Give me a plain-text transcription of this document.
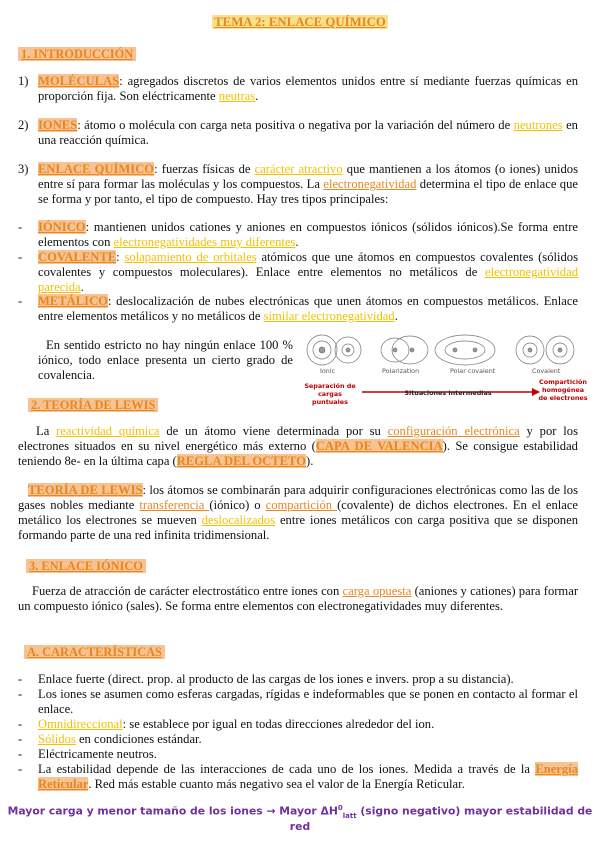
TEMA 2: ENLACE QUÍMICO
1. INTRODUCCIÓN
1) MOLÉCULAS: agregados discretos de varios elementos unidos entre sí mediante fuerzas químicas en proporción fija. Son eléctricamente neutras.
2) IONES: átomo o molécula con carga neta positiva o negativa por la variación del número de neutrones en una reacción química.
3) ENLACE QUÍMICO: fuerzas físicas de carácter atractivo que mantienen a los átomos (o iones) unidos entre sí para formar las moléculas y los compuestos. La electronegatividad determina el tipo de enlace que se forma y por tanto, el tipo de compuesto. Hay tres tipos principales:
- IÓNICO: mantienen unidos cationes y aniones en compuestos iónicos (sólidos iónicos).Se forma entre elementos con electronegatividades muy diferentes.
- COVALENTE: solapamiento de orbitales atómicos que une átomos en compuestos covalentes (sólidos covalentes y compuestos moleculares). Enlace entre elementos no metálicos de electronegatividad parecida.
- METÁLICO: deslocalización de nubes electrónicas que unen átomos en compuestos metálicos. Enlace entre elementos metálicos y no metálicos de similar electronegatividad.
En sentido estricto no hay ningún enlace 100 % iónico, todo enlace presenta un cierto grado de covalencia.	Ionic	Polarization	Polar covalent	Covalent
Situaciones intermedias
Separación de cargas puntuales
Compartición homogénea de electrones
2. TEORÍA DE LEWIS
La reactividad química de un átomo viene determinada por su configuración electrónica y por los electrones situados en su nivel energético más externo (CAPA DE VALENCIA). Se consigue estabilidad teniendo 8e- en la última capa (REGLA DEL OCTETO).
TEORÍA DE LEWIS: los átomos se combinarán para adquirir configuraciones electrónicas como las de los gases nobles mediante transferencia (iónico) o compartición (covalente) de dichos electrones. En el enlace metálico los electrones se mueven deslocalizados entre iones metálicos con carga positiva que se disponen formando parte de una red infinita tridimensional.
3. ENLACE IÓNICO
Fuerza de atracción de carácter electrostático entre iones con carga opuesta (aniones y cationes) para formar un compuesto iónico (sales). Se forma entre elementos con electronegatividades muy diferentes.
A. CARACTERÍSTICAS
- Enlace fuerte (direct. prop. al producto de las cargas de los iones e invers. prop a su distancia).
- Los iones se asumen como esferas cargadas, rígidas e indeformables que se ponen en contacto al formar el enlace.
- Omnidireccional: se establece por igual en todas direcciones alrededor del ion.
- Sólidos en condiciones estándar.
- Eléctricamente neutros.
- La estabilidad depende de las interacciones de cada uno de los iones. Medida a través de la Energía Reticular. Red más estable cuanto más negativo sea el valor de la Energía Reticular.
Mayor carga y menor tamaño de los iones → Mayor $\Delta H^0_{latt}$ (signo negativo) mayor estabilidad de red
